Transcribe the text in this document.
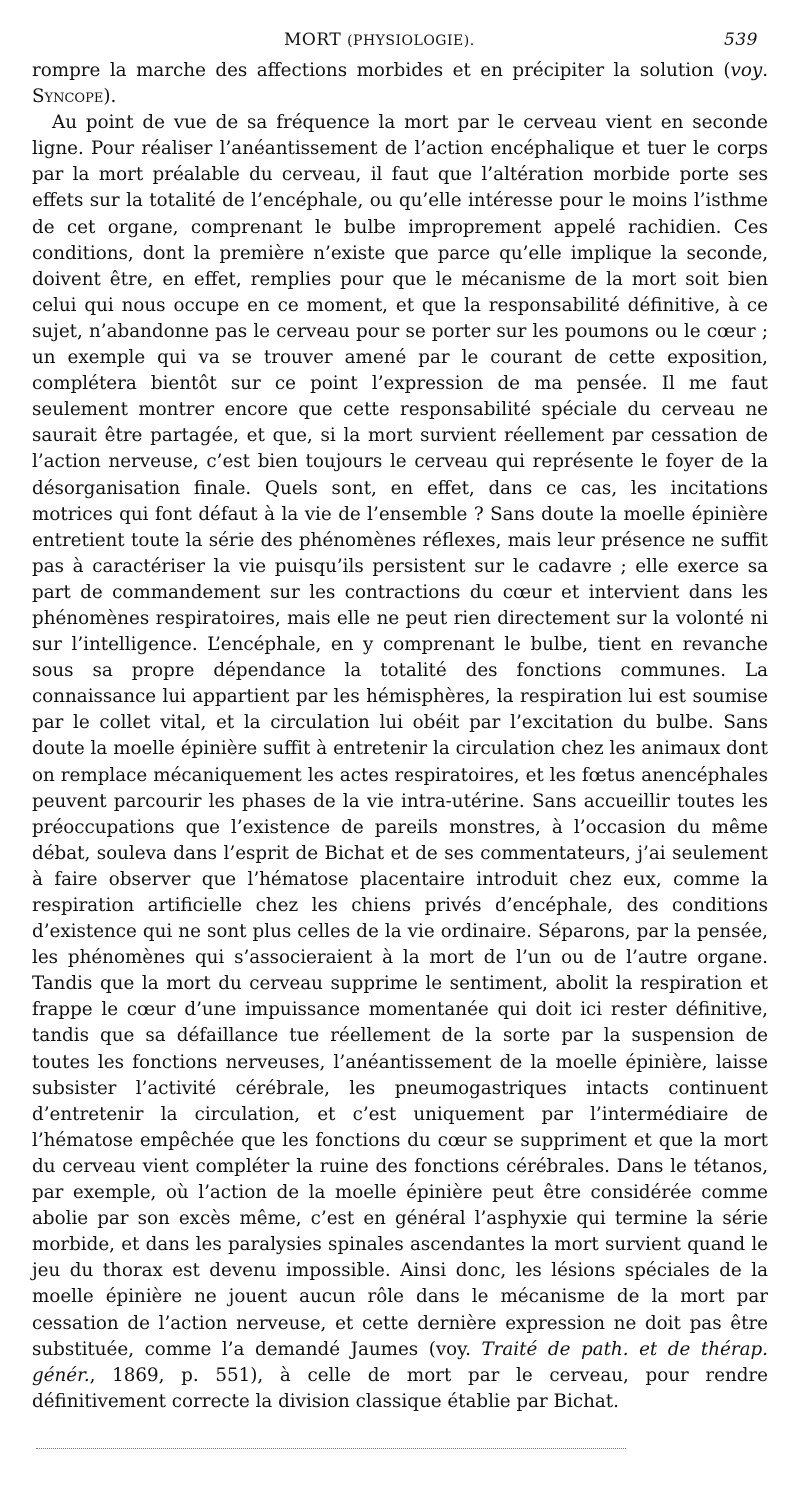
MORT (PHYSIOLOGIE).	539

rompre la marche des affections morbides et en précipiter la solution (voy. Syncope).

Au point de vue de sa fréquence la mort par le cerveau vient en seconde ligne. Pour réaliser l’anéantissement de l’action encéphalique et tuer le corps par la mort préalable du cerveau, il faut que l’altération morbide porte ses effets sur la totalité de l’encéphale, ou qu’elle intéresse pour le moins l’isthme de cet organe, comprenant le bulbe improprement appelé rachidien. Ces conditions, dont la première n’existe que parce qu’elle implique la seconde, doivent être, en effet, remplies pour que le mécanisme de la mort soit bien celui qui nous occupe en ce moment, et que la responsabilité définitive, à ce sujet, n’abandonne pas le cerveau pour se porter sur les poumons ou le cœur ; un exemple qui va se trouver amené par le courant de cette exposition, complétera bientôt sur ce point l’expression de ma pensée. Il me faut seulement montrer encore que cette responsabilité spéciale du cerveau ne saurait être partagée, et que, si la mort survient réellement par cessation de l’action nerveuse, c’est bien toujours le cerveau qui représente le foyer de la désorganisation finale. Quels sont, en effet, dans ce cas, les incitations motrices qui font défaut à la vie de l’ensemble ? Sans doute la moelle épinière entretient toute la série des phénomènes réflexes, mais leur présence ne suffit pas à caractériser la vie puisqu’ils persistent sur le cadavre ; elle exerce sa part de commandement sur les contractions du cœur et intervient dans les phénomènes respiratoires, mais elle ne peut rien directement sur la volonté ni sur l’intelligence. L’encéphale, en y comprenant le bulbe, tient en revanche sous sa propre dépendance la totalité des fonctions communes. La connaissance lui appartient par les hémisphères, la respiration lui est soumise par le collet vital, et la circulation lui obéit par l’excitation du bulbe. Sans doute la moelle épinière suffit à entretenir la circulation chez les animaux dont on remplace mécaniquement les actes respiratoires, et les fœtus anencéphales peuvent parcourir les phases de la vie intra-utérine. Sans accueillir toutes les préoccupations que l’existence de pareils monstres, à l’occasion du même débat, souleva dans l’esprit de Bichat et de ses commentateurs, j’ai seulement à faire observer que l’hématose placentaire introduit chez eux, comme la respiration artificielle chez les chiens privés d’encéphale, des conditions d’existence qui ne sont plus celles de la vie ordinaire. Séparons, par la pensée, les phénomènes qui s’associeraient à la mort de l’un ou de l’autre organe. Tandis que la mort du cerveau supprime le sentiment, abolit la respiration et frappe le cœur d’une impuissance momentanée qui doit ici rester définitive, tandis que sa défaillance tue réellement de la sorte par la suspension de toutes les fonctions nerveuses, l’anéantissement de la moelle épinière, laisse subsister l’activité cérébrale, les pneumogastriques intacts continuent d’entretenir la circulation, et c’est uniquement par l’intermédiaire de l’hématose empêchée que les fonctions du cœur se suppriment et que la mort du cerveau vient compléter la ruine des fonctions cérébrales. Dans le tétanos, par exemple, où l’action de la moelle épinière peut être considérée comme abolie par son excès même, c’est en général l’asphyxie qui termine la série morbide, et dans les paralysies spinales ascendantes la mort survient quand le jeu du thorax est devenu impossible. Ainsi donc, les lésions spéciales de la moelle épinière ne jouent aucun rôle dans le mécanisme de la mort par cessation de l’action nerveuse, et cette dernière expression ne doit pas être substituée, comme l’a demandé Jaumes (voy. Traité de path. et de thérap. génér., 1869, p. 551), à celle de mort par le cerveau, pour rendre définitivement correcte la division classique établie par Bichat.
